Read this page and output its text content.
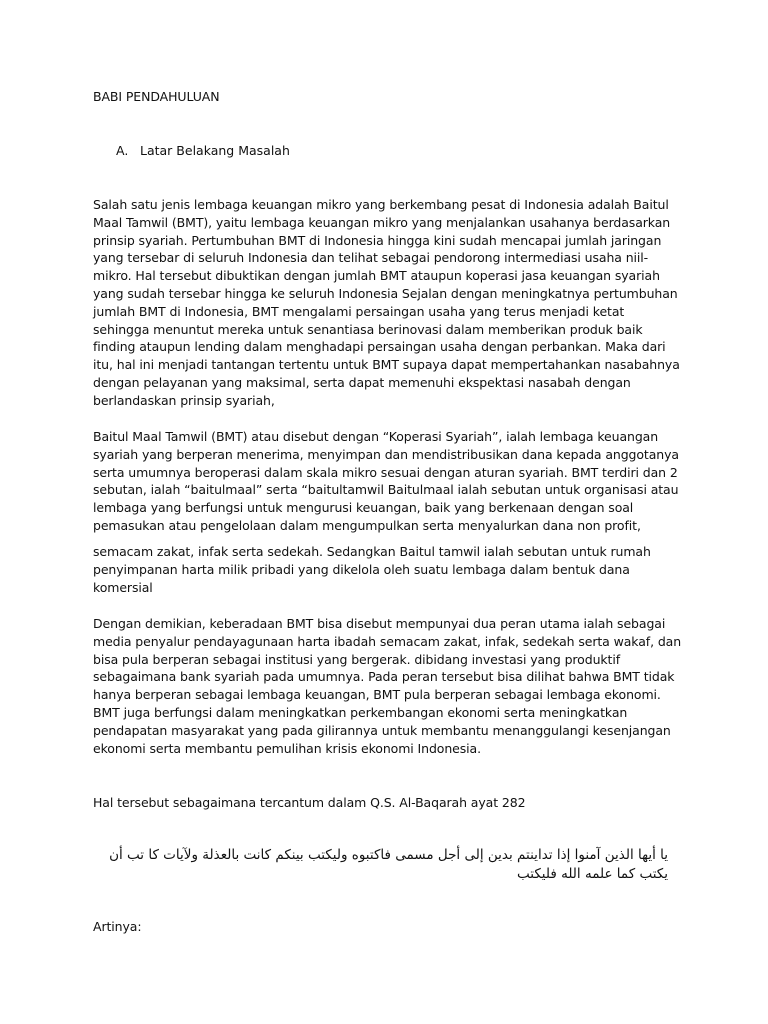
BABI PENDAHULUAN
A. Latar Belakang Masalah
Salah satu jenis lembaga keuangan mikro yang berkembang pesat di Indonesia adalah Baitul Maal Tamwil (BMT), yaitu lembaga keuangan mikro yang menjalankan usahanya berdasarkan prinsip syariah. Pertumbuhan BMT di Indonesia hingga kini sudah mencapai jumlah jaringan yang tersebar di seluruh Indonesia dan telihat sebagai pendorong intermediasi usaha niil-mikro. Hal tersebut dibuktikan dengan jumlah BMT ataupun koperasi jasa keuangan syariah yang sudah tersebar hingga ke seluruh Indonesia Sejalan dengan meningkatnya pertumbuhan jumlah BMT di Indonesia, BMT mengalami persaingan usaha yang terus menjadi ketat sehingga menuntut mereka untuk senantiasa berinovasi dalam memberikan produk baik finding ataupun lending dalam menghadapi persaingan usaha dengan perbankan. Maka dari itu, hal ini menjadi tantangan tertentu untuk BMT supaya dapat mempertahankan nasabahnya dengan pelayanan yang maksimal, serta dapat memenuhi ekspektasi nasabah dengan berlandaskan prinsip syariah,
Baitul Maal Tamwil (BMT) atau disebut dengan “Koperasi Syariah”, ialah lembaga keuangan syariah yang berperan menerima, menyimpan dan mendistribusikan dana kepada anggotanya serta umumnya beroperasi dalam skala mikro sesuai dengan aturan syariah. BMT terdiri dan 2 sebutan, ialah “baitulmaal” serta “baitultamwil Baitulmaal ialah sebutan untuk organisasi atau lembaga yang berfungsi untuk mengurusi keuangan, baik yang berkenaan dengan soal pemasukan atau pengelolaan dalam mengumpulkan serta menyalurkan dana non profit,
semacam zakat, infak serta sedekah. Sedangkan Baitul tamwil ialah sebutan untuk rumah penyimpanan harta milik pribadi yang dikelola oleh suatu lembaga dalam bentuk dana komersial
Dengan demikian, keberadaan BMT bisa disebut mempunyai dua peran utama ialah sebagai media penyalur pendayagunaan harta ibadah semacam zakat, infak, sedekah serta wakaf, dan bisa pula berperan sebagai institusi yang bergerak. dibidang investasi yang produktif sebagaimana bank syariah pada umumnya. Pada peran tersebut bisa dilihat bahwa BMT tidak hanya berperan sebagai lembaga keuangan, BMT pula berperan sebagai lembaga ekonomi. BMT juga berfungsi dalam meningkatkan perkembangan ekonomi serta meningkatkan pendapatan masyarakat yang pada gilirannya untuk membantu menanggulangi kesenjangan ekonomi serta membantu pemulihan krisis ekonomi Indonesia.
Hal tersebut sebagaimana tercantum dalam Q.S. Al-Baqarah ayat 282
يا أيها الذين آمنوا إذا تداينتم بدين إلى أجل مسمى فاكتبوه وليكتب بينكم كانت بالعذلة ولآيات كا تب أن يكتب كما علمه الله فليكتب
Artinya:
